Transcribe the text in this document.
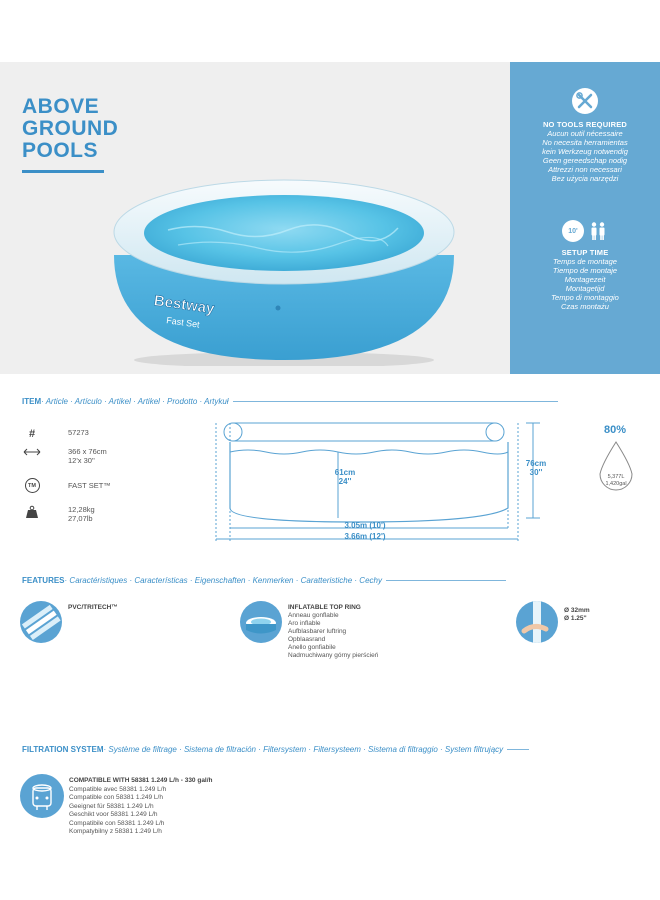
ABOVE
GROUND
POOLS
Bestway
Fast Set
NO TOOLS REQUIRED
Aucun outil nécessaire
No necesita herramientas
kein Werkzeug notwendig
Geen gereedschap nodig
Attrezzi non necessari
Bez użycia narzędzi
10'
SETUP TIME
Temps de montage
Tiempo de montaje
Montagezeit
Montagetijd
Tempo di montaggio
Czas montażu
ITEM · Article · Artículo · Artikel · Artikel · Prodotto · Artykuł
#	57273
366 x 76cm
12'x 30''
TM	FAST SET™
12,28kg
27,07lb
61cm
24''
76cm
30''
3.05m (10')
3.66m (12')
80%
5,377L
1,420gal
FEATURES · Caractéristiques · Características · Eigenschaften · Kenmerken · Caratteristiche · Cechy
PVC/TRITECH™	INFLATABLE TOP RING
Anneau gonflable
Aro inflable
Aufblasbarer luftring
Opblaasrand
Anello gonfiabile
Nadmuchiwany górny pierścień
Ø 32mm
Ø 1.25''
FILTRATION SYSTEM · Système de filtrage · Sistema de filtración · Filtersystem · Filtersysteem · Sistema di filtraggio · System filtrujący
COMPATIBLE WITH 58381 1.249 L/h - 330 gal/h
Compatible avec 58381 1.249 L/h
Compatible con 58381 1.249 L/h
Geeignet für 58381 1.249 L/h
Geschikt voor 58381 1.249 L/h
Compatibile con 58381 1.249 L/h
Kompatybilny z 58381 1.249 L/h
